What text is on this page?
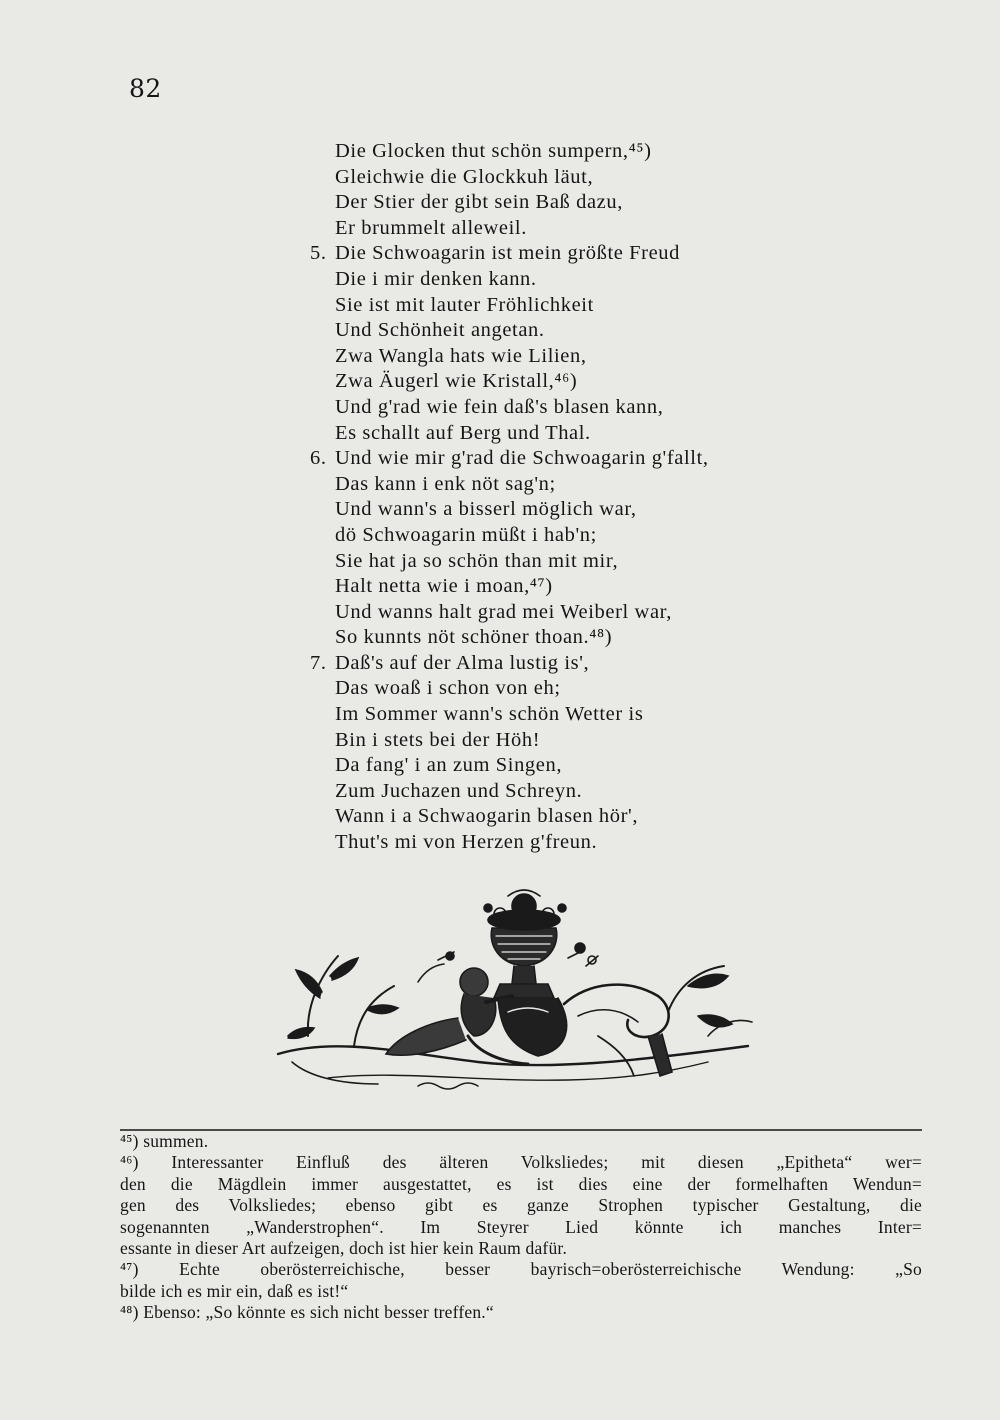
82
Die Glocken thut schön sumpern,⁴⁵)
Gleichwie die Glockkuh läut,
Der Stier der gibt sein Baß dazu,
Er brummelt alleweil.
5. Die Schwoagarin ist mein größte Freud
Die i mir denken kann.
Sie ist mit lauter Fröhlichkeit
Und Schönheit angetan.
Zwa Wangla hats wie Lilien,
Zwa Äugerl wie Kristall,⁴⁶)
Und g'rad wie fein daß's blasen kann,
Es schallt auf Berg und Thal.
6. Und wie mir g'rad die Schwoagarin g'fallt,
Das kann i enk nöt sag'n;
Und wann's a bisserl möglich war,
dö Schwoagarin müßt i hab'n;
Sie hat ja so schön than mit mir,
Halt netta wie i moan,⁴⁷)
Und wanns halt grad mei Weiberl war,
So kunnts nöt schöner thoan.⁴⁸)
7. Daß's auf der Alma lustig is',
Das woaß i schon von eh;
Im Sommer wann's schön Wetter is
Bin i stets bei der Höh!
Da fang' i an zum Singen,
Zum Juchazen und Schreyn.
Wann i a Schwaogarin blasen hör',
Thut's mi von Herzen g'freun.
⁴⁵) summen.
⁴⁶) Interessanter Einfluß des älteren Volksliedes; mit diesen „Epitheta“ wer=
den die Mägdlein immer ausgestattet, es ist dies eine der formelhaften Wendun=
gen des Volksliedes; ebenso gibt es ganze Strophen typischer Gestaltung, die
sogenannten „Wanderstrophen“. Im Steyrer Lied könnte ich manches Inter=
essante in dieser Art aufzeigen, doch ist hier kein Raum dafür.
⁴⁷) Echte oberösterreichische, besser bayrisch=oberösterreichische Wendung: „So
bilde ich es mir ein, daß es ist!“
⁴⁸) Ebenso: „So könnte es sich nicht besser treffen.“
